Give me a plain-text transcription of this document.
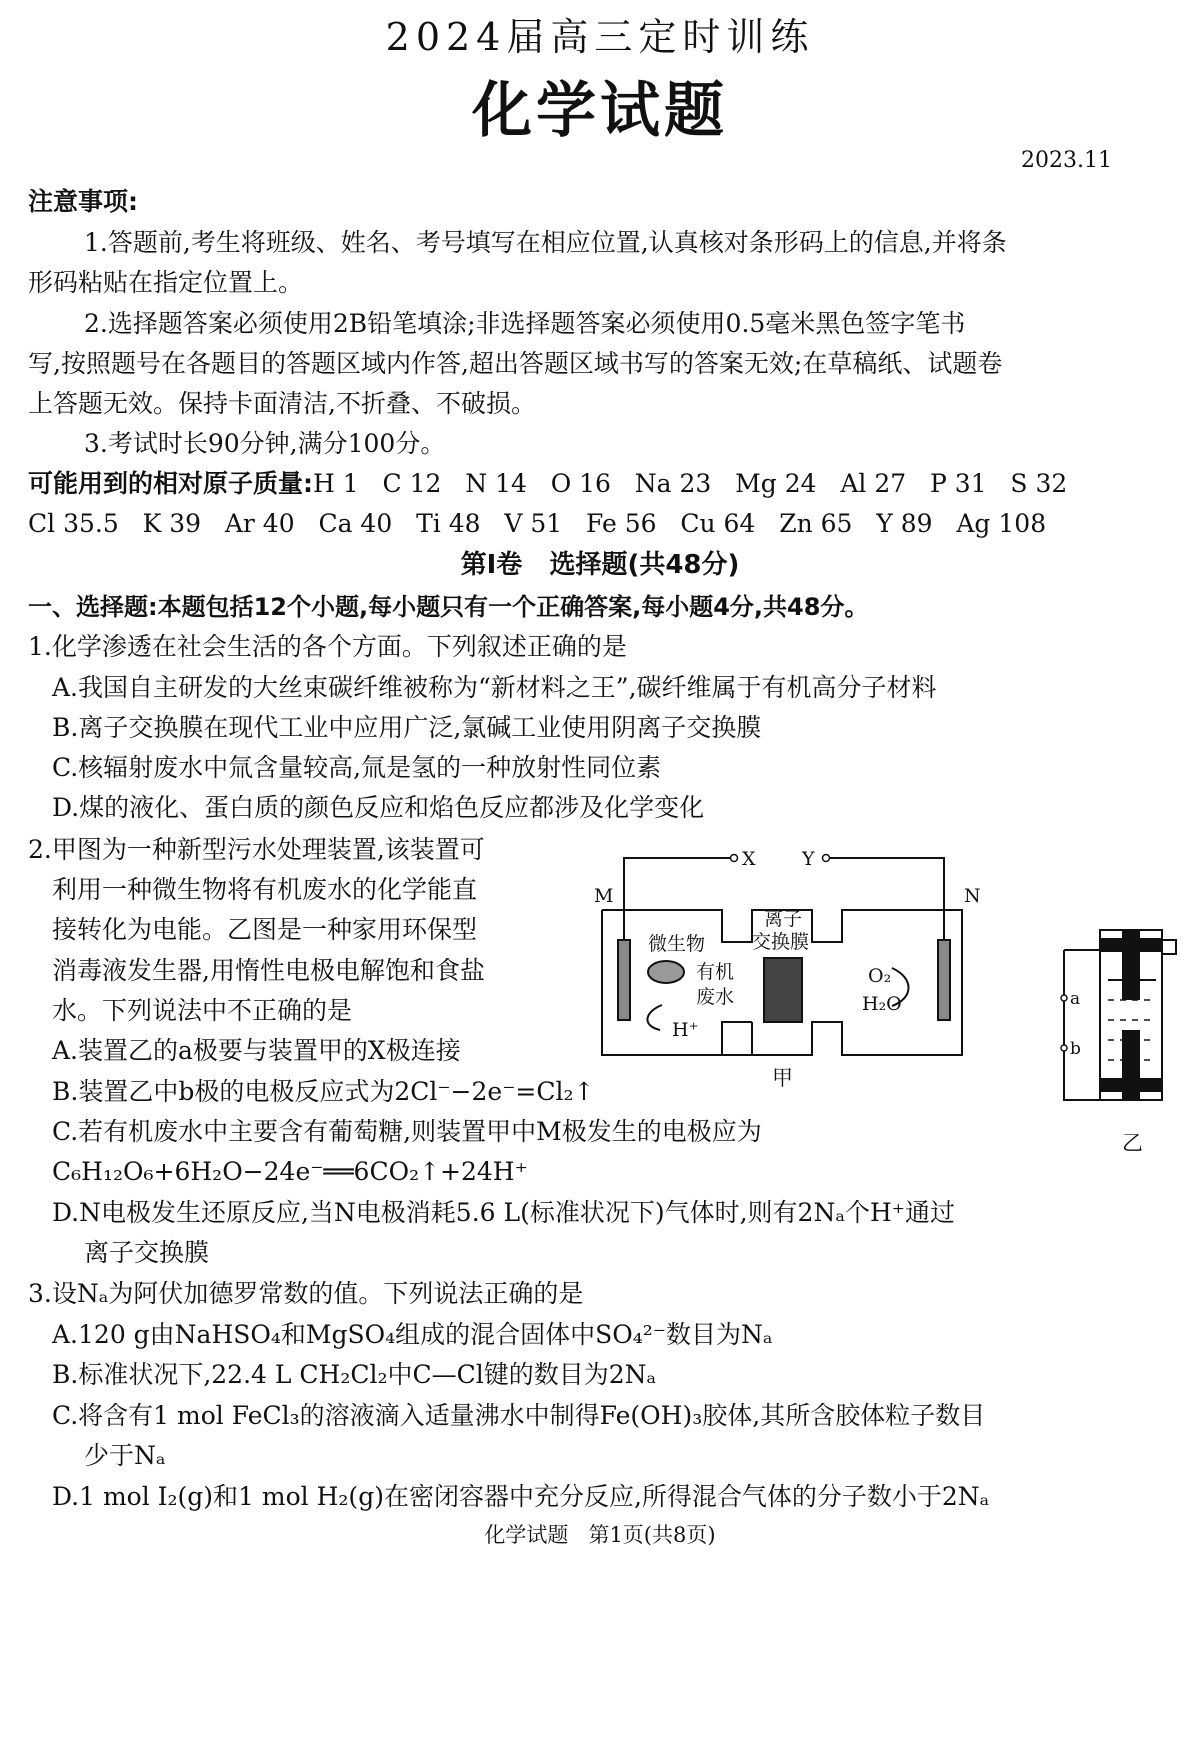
2024届高三定时训练
化学试题
2023.11
注意事项:
1.答题前,考生将班级、姓名、考号填写在相应位置,认真核对条形码上的信息,并将条
形码粘贴在指定位置上。
2.选择题答案必须使用2B铅笔填涂;非选择题答案必须使用0.5毫米黑色签字笔书
写,按照题号在各题目的答题区域内作答,超出答题区域书写的答案无效;在草稿纸、试题卷
上答题无效。保持卡面清洁,不折叠、不破损。
3.考试时长90分钟,满分100分。
可能用到的相对原子质量:H 1   C 12   N 14   O 16   Na 23   Mg 24   Al 27   P 31   S 32
Cl 35.5   K 39   Ar 40   Ca 40   Ti 48   V 51   Fe 56   Cu 64   Zn 65   Y 89   Ag 108
第Ⅰ卷   选择题(共48分)
一、选择题:本题包括12个小题,每小题只有一个正确答案,每小题4分,共48分。
1.化学渗透在社会生活的各个方面。下列叙述正确的是
A.我国自主研发的大丝束碳纤维被称为“新材料之王”,碳纤维属于有机高分子材料
B.离子交换膜在现代工业中应用广泛,氯碱工业使用阴离子交换膜
C.核辐射废水中氚含量较高,氚是氢的一种放射性同位素
D.煤的液化、蛋白质的颜色反应和焰色反应都涉及化学变化
2.甲图为一种新型污水处理装置,该装置可
利用一种微生物将有机废水的化学能直
接转化为电能。乙图是一种家用环保型
消毒液发生器,用惰性电极电解饱和食盐
水。下列说法中不正确的是
A.装置乙的a极要与装置甲的X极连接
B.装置乙中b极的电极反应式为2Cl⁻−2e⁻=Cl₂↑
C.若有机废水中主要含有葡萄糖,则装置甲中M极发生的电极应为
C₆H₁₂O₆+6H₂O−24e⁻══6CO₂↑+24H⁺
D.N电极发生还原反应,当N电极消耗5.6 L(标准状况下)气体时,则有2Nₐ个H⁺通过
离子交换膜
X Y
M	N
微生物
离子
交换膜
有机
废水
H⁺
O₂
H₂O
甲
a
b
乙
3.设Nₐ为阿伏加德罗常数的值。下列说法正确的是
A.120 g由NaHSO₄和MgSO₄组成的混合固体中SO₄²⁻数目为Nₐ
B.标准状况下,22.4 L CH₂Cl₂中C—Cl键的数目为2Nₐ
C.将含有1 mol FeCl₃的溶液滴入适量沸水中制得Fe(OH)₃胶体,其所含胶体粒子数目
少于Nₐ
D.1 mol I₂(g)和1 mol H₂(g)在密闭容器中充分反应,所得混合气体的分子数小于2Nₐ
化学试题   第1页(共8页)
